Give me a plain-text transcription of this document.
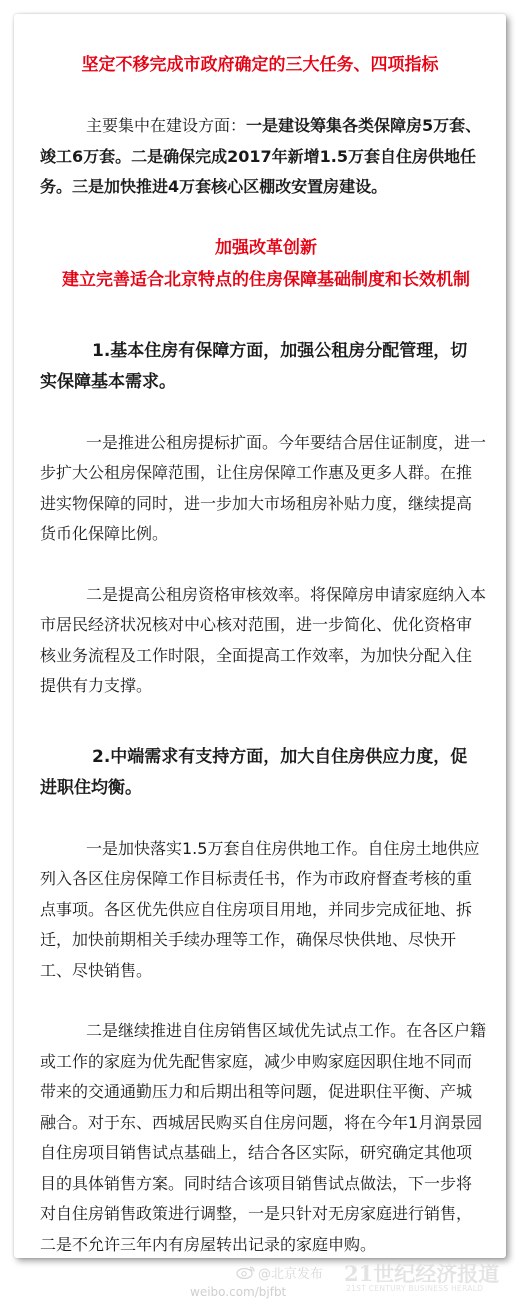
坚定不移完成市政府确定的三大任务、四项指标

主要集中在建设方面：一是建设筹集各类保障房5万套、竣工6万套。二是确保完成2017年新增1.5万套自住房供地任务。三是加快推进4万套核心区棚改安置房建设。

加强改革创新

建立完善适合北京特点的住房保障基础制度和长效机制

1.基本住房有保障方面，加强公租房分配管理，切实保障基本需求。

一是推进公租房提标扩面。今年要结合居住证制度，进一步扩大公租房保障范围，让住房保障工作惠及更多人群。在推进实物保障的同时，进一步加大市场租房补贴力度，继续提高货币化保障比例。

二是提高公租房资格审核效率。将保障房申请家庭纳入本市居民经济状况核对中心核对范围，进一步简化、优化资格审核业务流程及工作时限，全面提高工作效率，为加快分配入住提供有力支撑。

2.中端需求有支持方面，加大自住房供应力度，促进职住均衡。

一是加快落实1.5万套自住房供地工作。自住房土地供应列入各区住房保障工作目标责任书，作为市政府督查考核的重点事项。各区优先供应自住房项目用地，并同步完成征地、拆迁，加快前期相关手续办理等工作，确保尽快供地、尽快开工、尽快销售。

二是继续推进自住房销售区域优先试点工作。在各区户籍或工作的家庭为优先配售家庭，减少申购家庭因职住地不同而带来的交通通勤压力和后期出租等问题，促进职住平衡、产城融合。对于东、西城居民购买自住房问题，将在今年1月润景园自住房项目销售试点基础上，结合各区实际，研究确定其他项目的具体销售方案。同时结合该项目销售试点做法，下一步将对自住房销售政策进行调整，一是只针对无房家庭进行销售，二是不允许三年内有房屋转出记录的家庭申购。

@北京发布
weibo.com/bjfbt
21世纪经济报道
21ST CENTURY BUSINESS HERALD
